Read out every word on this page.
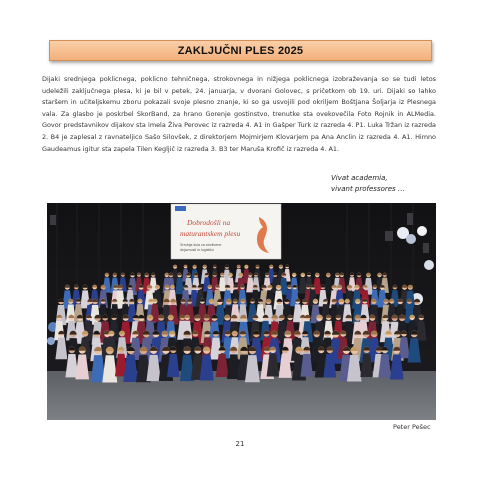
ZAKLJUČNI PLES 2025

Dijaki srednjega poklicnega, poklicno tehničnega, strokovnega in nižjega poklicnega izobraževanja so se tudi letos udeležili zaključnega plesa, ki je bil v petek, 24. januarja, v dvorani Golovec, s pričetkom ob 19. uri. Dijaki so lahko staršem in učiteljskemu zboru pokazali svoje plesno znanje, ki so ga usvojili pod okriljem Boštjana Šoljarja iz Plesnega vala. Za glasbo je poskrbel SkorBand, za hrano Gorenje gostinstvo, trenutke sta ovekovečila Foto Rojnik in ALMedia. Govor predstavnikov dijakov sta imela Živa Perovec iz razreda 4. A1 in Gašper Turk iz razreda 4. P1. Luka Tržan iz razreda 2. B4 je zaplesal z ravnateljico Sašo Silovšek, z direktorjem Mojmirjem Klovarjem pa Ana Anclin iz razreda 4. A1. Himno Gaudeamus igitur sta zapela Tilen Kegljič iz razreda 3. B3 ter Maruša Krofič iz razreda 4. A1.

Vivat academia,
vivant professores …
Dobrodošli na
maturantskem plesu
Srednja šola za storitvene
dejavnosti in logistiko
Peter Pešec
21
